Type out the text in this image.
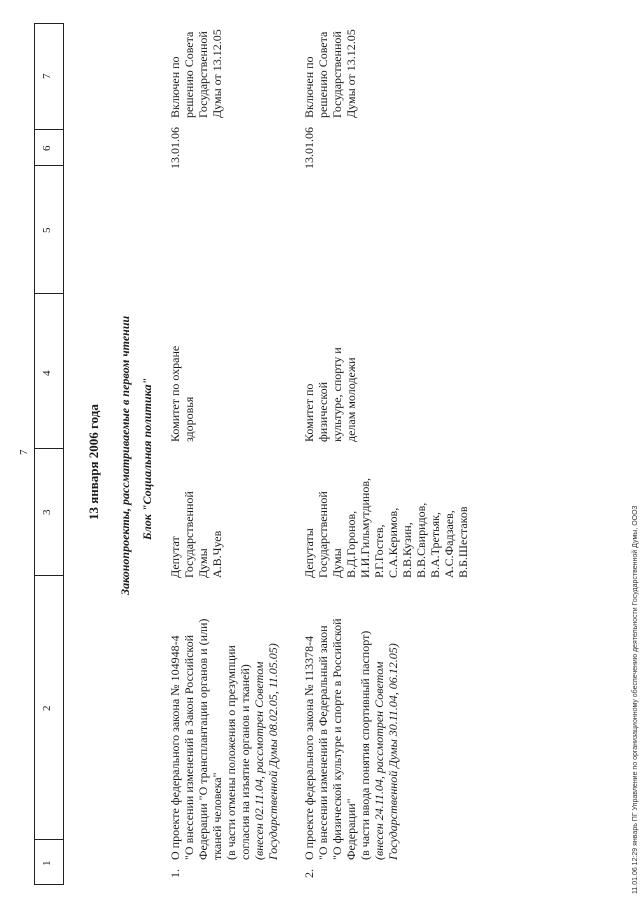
7
1
2
3
4
5
6
7
13 января 2006 года Законопроекты, рассматриваемые в первом чтении Блок "Социальная политика"
1.
О проекте федерального закона № 104948-4
"О внесении изменений в Закон Российской
Федерации "О трансплантации органов и (или)
тканей человека"
(в части отмены положения о презумпции
согласия на изъятие органов и тканей)
(внесен 02.11.04, рассмотрен Советом
Государственной Думы 08.02.05, 11.05.05)
Депутат
Государственной
Думы
А.В.Чуев
Комитет по охране
здоровья
13.01.06
Включен по
решению Совета
Государственной
Думы от 13.12.05
2.
О проекте федерального закона № 113378-4
"О внесении изменений в Федеральный закон
"О физической культуре и спорте в Российской
Федерации"
(в части ввода понятия спортивный паспорт)
(внесен 24.11.04, рассмотрен Советом
Государственной Думы 30.11.04, 06.12.05)
Депутаты
Государственной
Думы
В.Д.Горонов,
И.И.Гильмутдинов,
Р.Г.Гостев,
С.А.Керимов,
В.В.Кузин,
В.В.Свиридов,
В.А.Третьяк,
А.С.Фадзаев,
В.Б.Шестаков
Комитет по
физической
культуре, спорту и
делам молодежи
13.01.06
Включен по
решению Совета
Государственной
Думы от 13.12.05
11.01.06 12:29 январь ПГ Управление по организационному обеспечению деятельности Государственной Думы, ООО3
